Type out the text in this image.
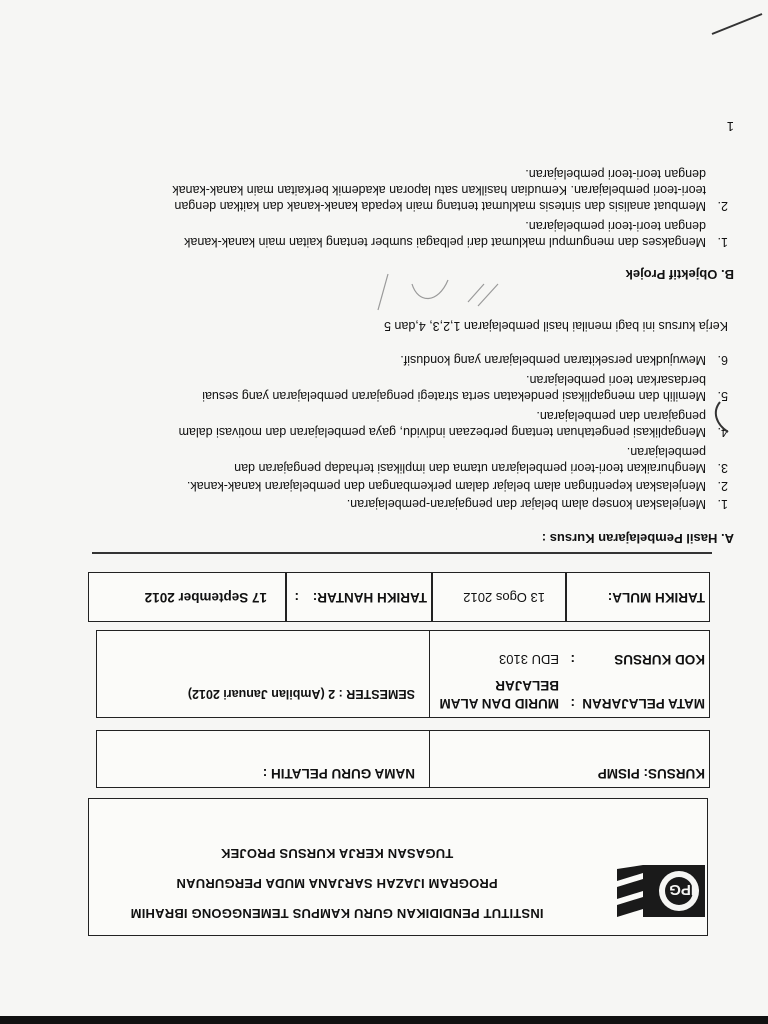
IPG
INSTITUT PENDIDIKAN GURU KAMPUS TEMENGGONG IBRAHIM
PROGRAM IJAZAH SARJANA MUDA PERGURUAN
TUGASAN KERJA KURSUS PROJEK
KURSUS: PISMP
NAMA GURU PELATIH :
MATA PELAJARAN
:
MURID DAN ALAM
BELAJAR
KOD KURSUS
:
EDU 3103
SEMESTER : 2 (Ambilan Januari 2012)
TARIKH MULA:
13 Ogos 2012
TARIKH HANTAR:
:
17 September 2012
A. Hasil Pembelajaran Kursus :
1.
Menjelaskan konsep alam belajar dan pengajaran-pembelajaran.
2.
Menjelaskan kepentingan alam belajar dalam perkembangan dan pembelajaran kanak-kanak.
3.
Menghuraikan teori-teori pembelajaran utama dan implikasi terhadap pengajaran dan
pembelajaran.
4.
Mengaplikasi pengetahuan tentang perbezaan individu, gaya pembelajaran dan motivasi dalam
pengajaran dan pembelajaran.
5.
Memilih dan mengaplikasi pendekatan serta strategi pengajaran pembelajaran yang sesuai
berdasarkan teori pembelajaran.
6.
Mewujudkan persekitaran pembelajaran yang kondusif.
Kerja kursus ini bagi menilai hasil pembelajaran 1,2,3, 4,dan 5
B. Objektif Projek
1.
Mengakses dan mengumpul maklumat dari pelbagai sumber tentang kaitan main kanak-kanak
dengan teori-teori pembelajaran.
2.
Membuat analisis dan sintesis maklumat tentang main kepada kanak-kanak dan kaitkan dengan
teori-teori pembelajaran. Kemudian hasilkan satu laporan akademik berkaitan main kanak-kanak
dengan teori-teori pembelajaran.
1
